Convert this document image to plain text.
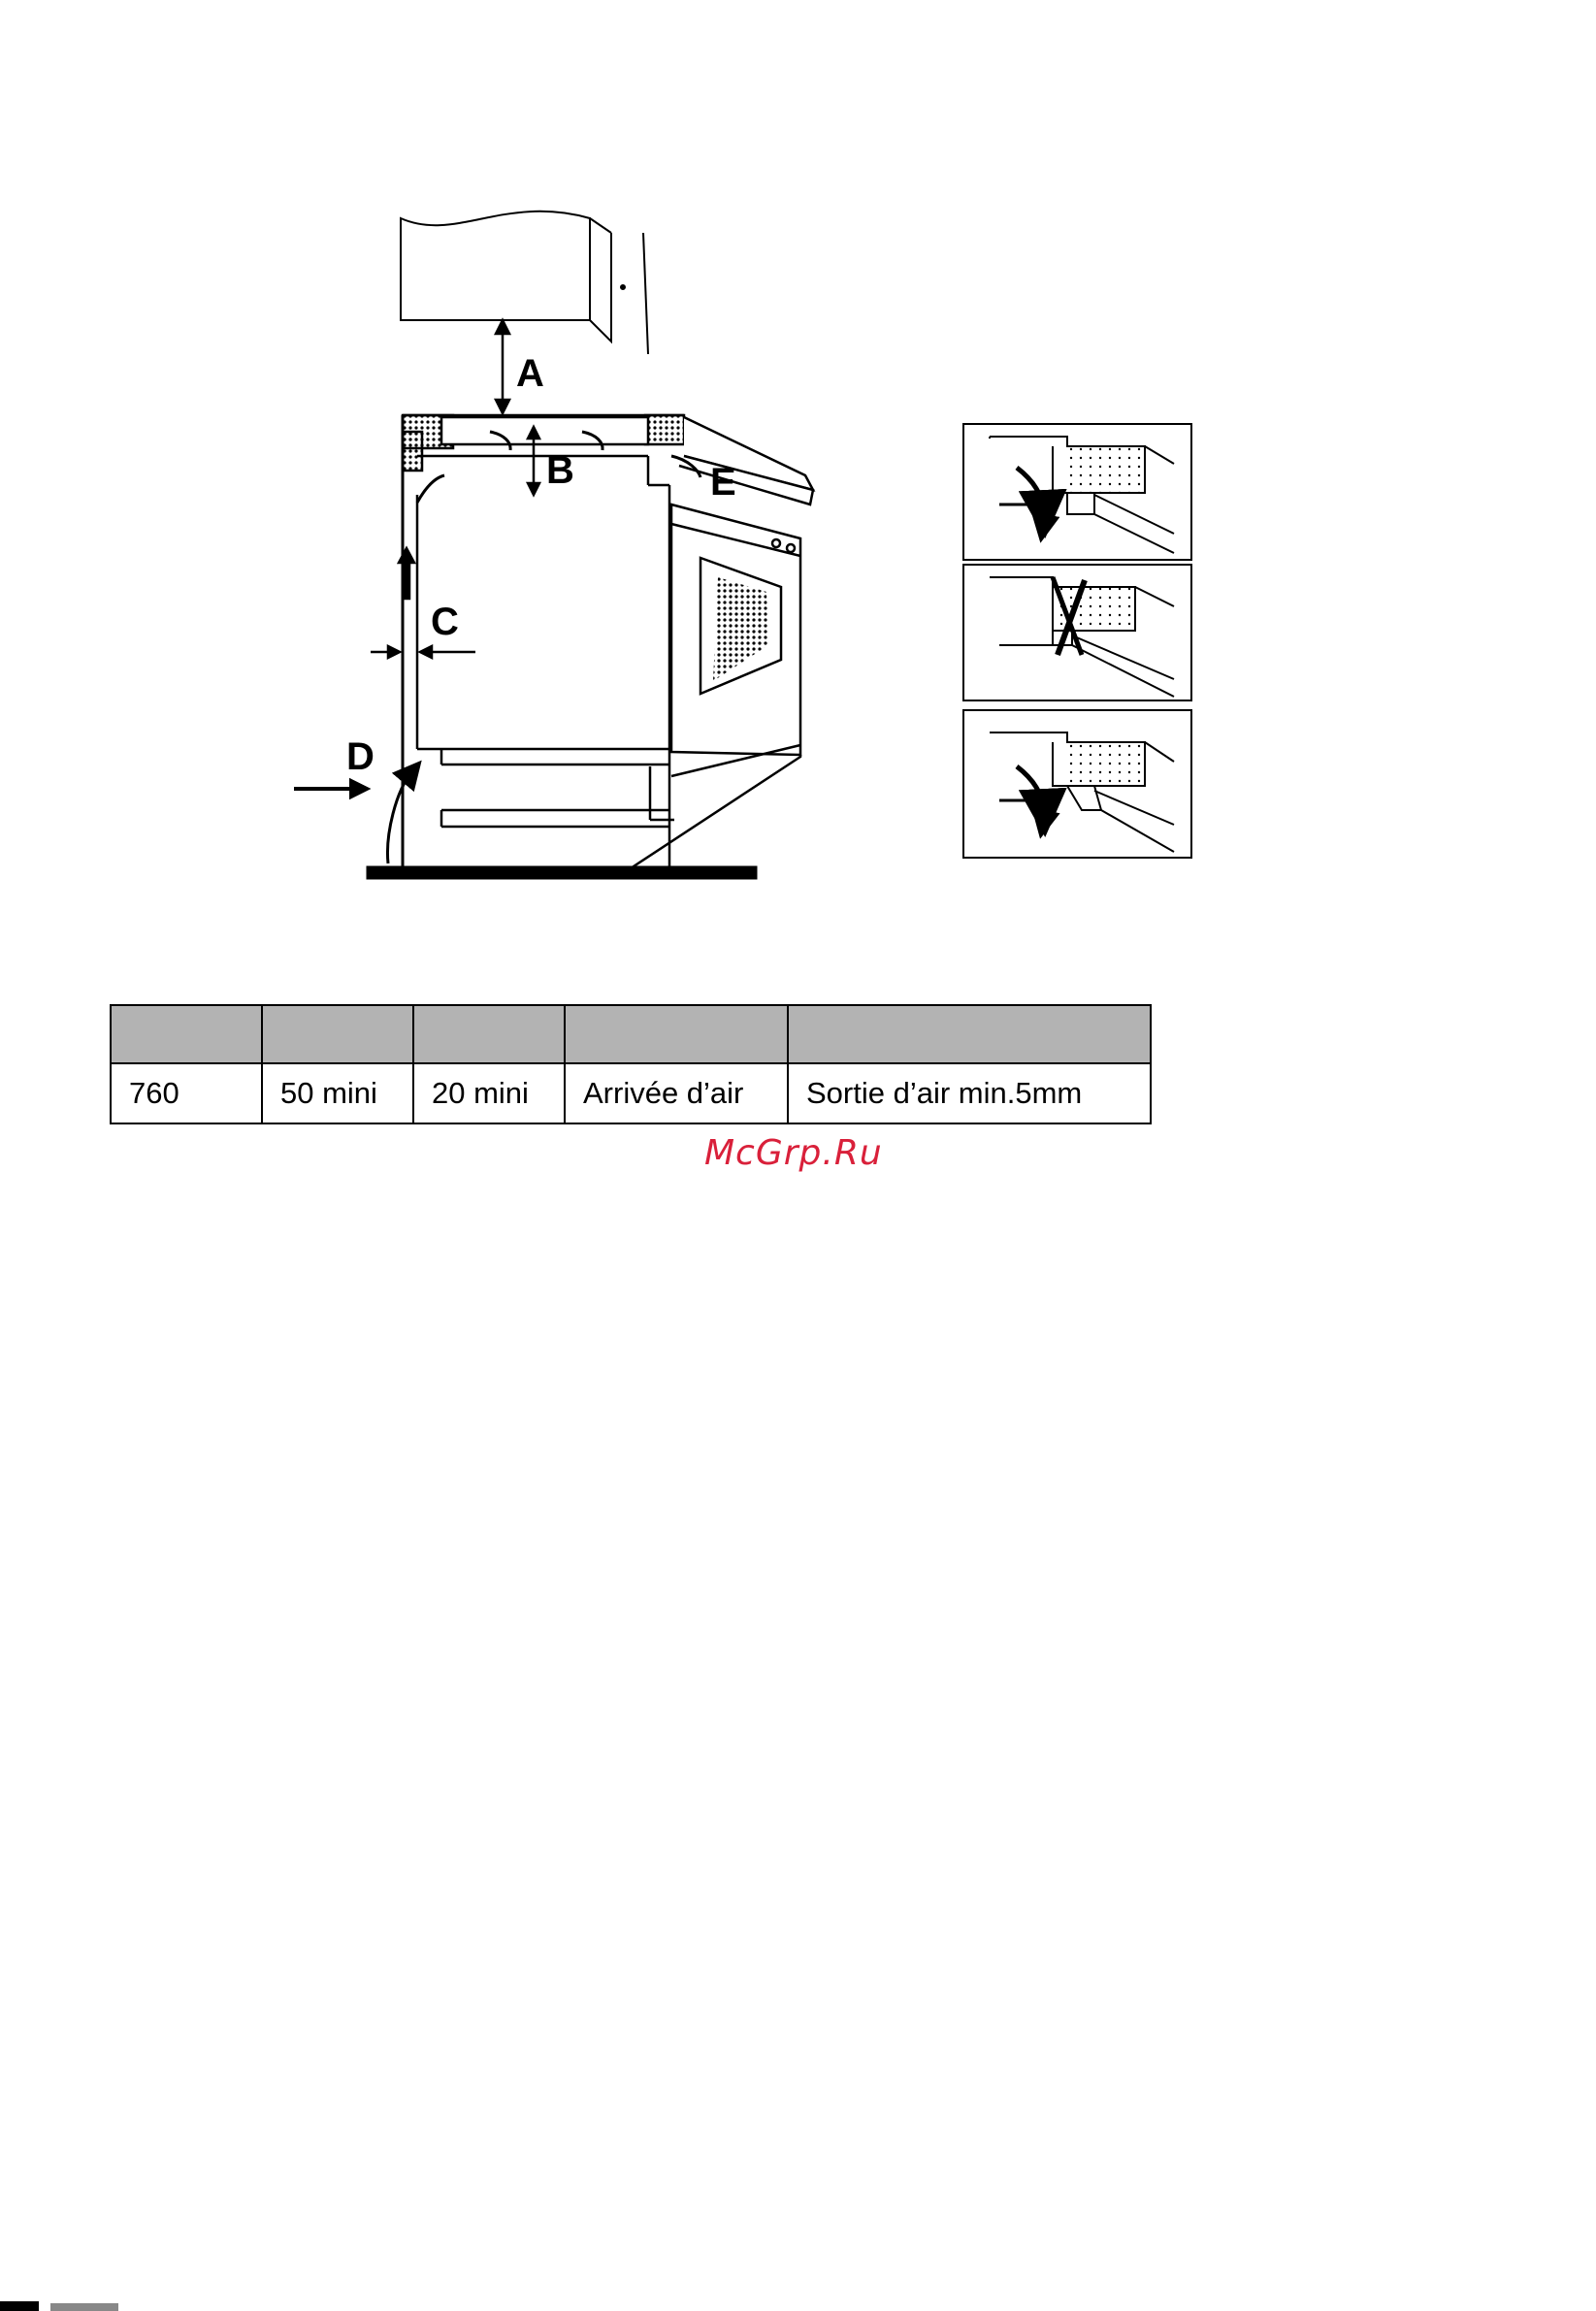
A
B	E
C
D

760	50 mini	20 mini	Arrivée d’air	Sortie d’air min.5mm
McGrp.Ru
